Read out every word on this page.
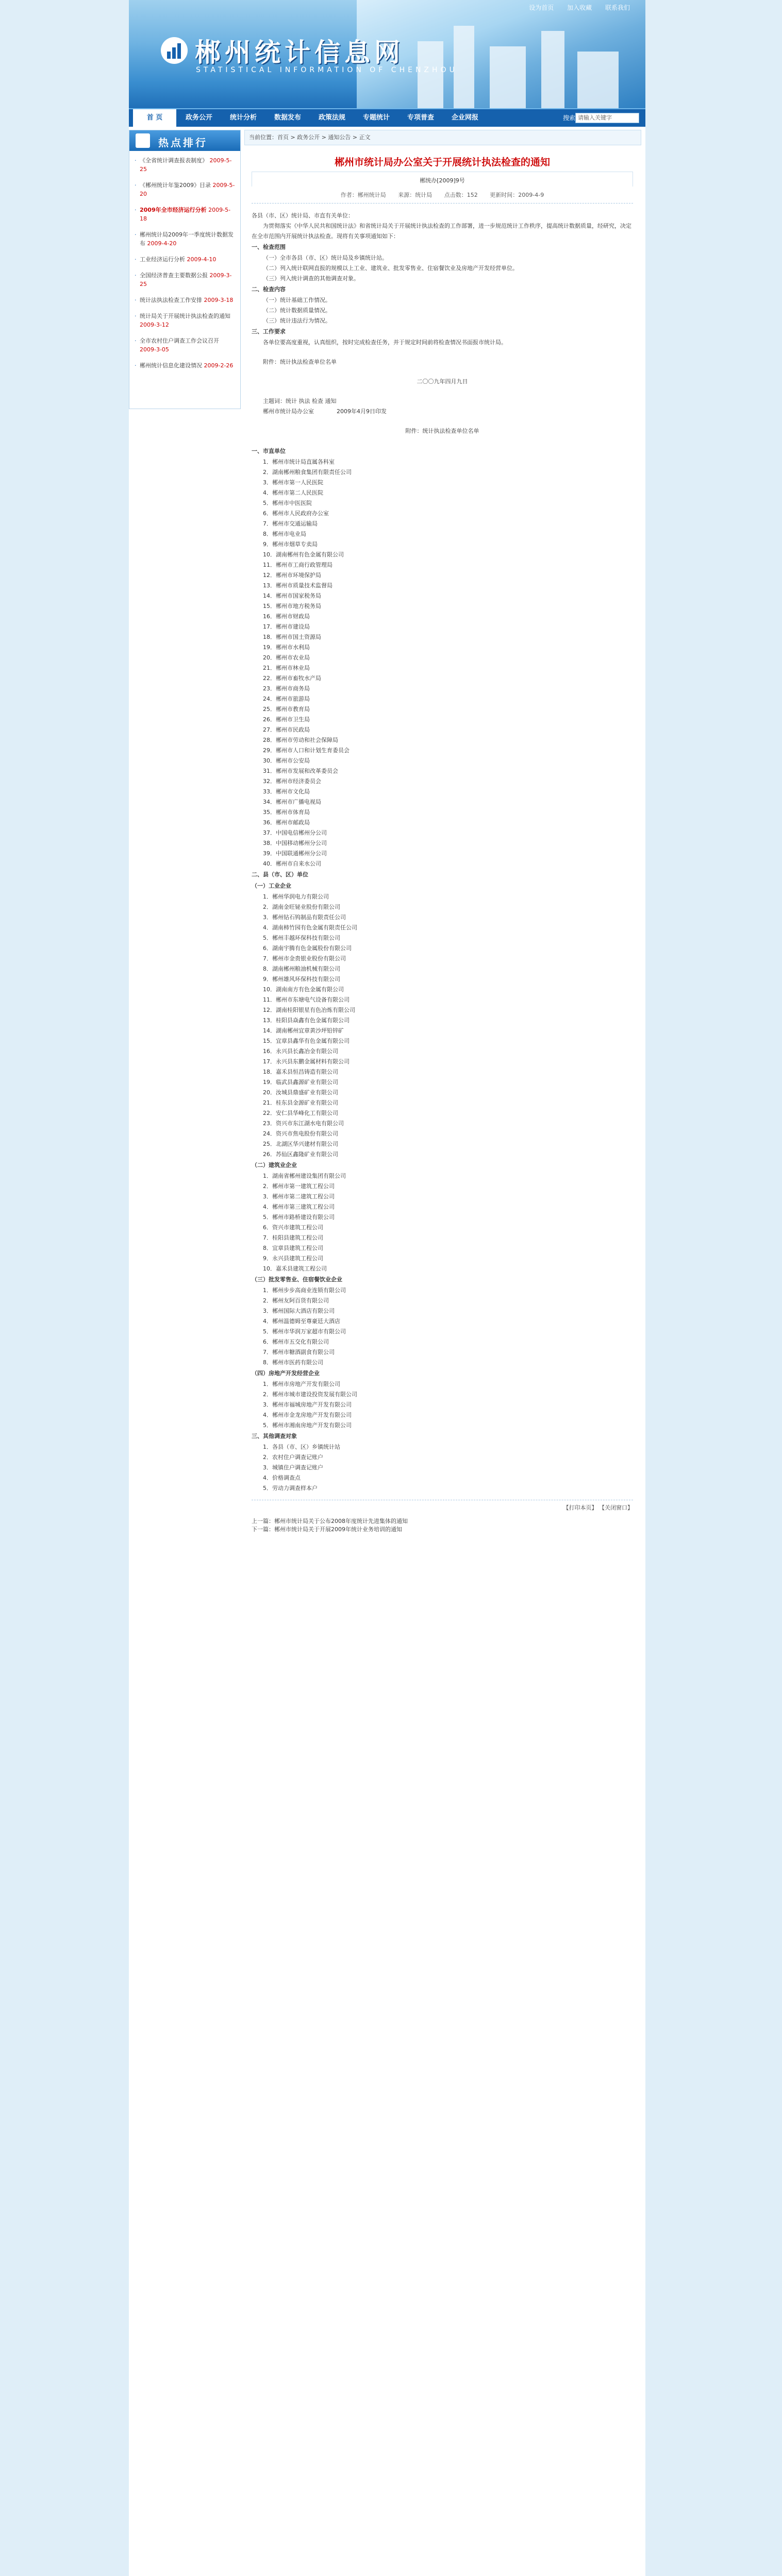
设为首页 加入收藏 联系我们
郴州统计信息网
STATISTICAL INFORMATION OF CHENZHOU
首 页	政务公开	统计分析	数据发布	政策法规	专题统计	专项普查	企业网报	搜索 请输入关键字
热点排行
· 《全省统计调查报表制度》 2009-5-25
· 《郴州统计年鉴2009》目录 2009-5-20
· 2009年全市经济运行分析 2009-5-18
· 郴州统计局2009年一季度统计数据发布 2009-4-20
· 工业经济运行分析 2009-4-10
· 全国经济普查主要数据公报 2009-3-25
· 统计法执法检查工作安排 2009-3-18
· 统计局关于开展统计执法检查的通知 2009-3-12
· 全市农村住户调查工作会议召开 2009-3-05
· 郴州统计信息化建设情况 2009-2-26
当前位置：首页 > 政务公开 > 通知公告 > 正文
郴州市统计局办公室关于开展统计执法检查的通知
郴统办[2009]9号
作者：郴州统计局 来源：统计局 点击数：152 更新时间：2009-4-9

各县（市、区）统计局、市直有关单位：

为贯彻落实《中华人民共和国统计法》和省统计局关于开展统计执法检查的工作部署，进一步规范统计工作秩序，提高统计数据质量，经研究，决定在全市范围内开展统计执法检查。现将有关事项通知如下：

一、检查范围

（一）全市各县（市、区）统计局及乡镇统计站。

（二）列入统计联网直报的规模以上工业、建筑业、批发零售业、住宿餐饮业及房地产开发经营单位。

（三）列入统计调查的其他调查对象。

二、检查内容

（一）统计基础工作情况。

（二）统计数据质量情况。

（三）统计违法行为情况。

三、工作要求

各单位要高度重视，认真组织，按时完成检查任务，并于规定时间前将检查情况书面报市统计局。

附件：统计执法检查单位名单

二〇〇九年四月九日

主题词：统计 执法 检查 通知

郴州市统计局办公室　　　　2009年4月9日印发

附件：统计执法检查单位名单

一、市直单位

1．郴州市统计局直属各科室

2．湖南郴州粮食集团有限责任公司

3．郴州市第一人民医院

4．郴州市第二人民医院

5．郴州市中医医院

6．郴州市人民政府办公室

7．郴州市交通运输局

8．郴州市电业局

9．郴州市烟草专卖局

10．湖南郴州有色金属有限公司

11．郴州市工商行政管理局

12．郴州市环境保护局

13．郴州市质量技术监督局

14．郴州市国家税务局

15．郴州市地方税务局

16．郴州市财政局

17．郴州市建设局

18．郴州市国土资源局

19．郴州市水利局

20．郴州市农业局

21．郴州市林业局

22．郴州市畜牧水产局

23．郴州市商务局

24．郴州市旅游局

25．郴州市教育局

26．郴州市卫生局

27．郴州市民政局

28．郴州市劳动和社会保障局

29．郴州市人口和计划生育委员会

30．郴州市公安局

31．郴州市发展和改革委员会

32．郴州市经济委员会

33．郴州市文化局

34．郴州市广播电视局

35．郴州市体育局

36．郴州市邮政局

37．中国电信郴州分公司

38．中国移动郴州分公司

39．中国联通郴州分公司

40．郴州市自来水公司

二、县（市、区）单位

（一）工业企业

1．郴州华润电力有限公司

2．湖南金旺铋业股份有限公司

3．郴州钻石钨制品有限责任公司

4．湖南柿竹园有色金属有限责任公司

5．郴州丰越环保科技有限公司

6．湖南宇腾有色金属股份有限公司

7．郴州市金贵银业股份有限公司

8．湖南郴州粮油机械有限公司

9．郴州雄风环保科技有限公司

10．湖南南方有色金属有限公司

11．郴州市东塘电气设备有限公司

12．湖南桂阳银星有色冶炼有限公司

13．桂阳县焱鑫有色金属有限公司

14．湖南郴州宜章黄沙坪铅锌矿

15．宜章县鑫华有色金属有限公司

16．永兴县长鑫冶金有限公司

17．永兴县东鹏金属材料有限公司

18．嘉禾县恒昌铸造有限公司

19．临武县鑫源矿业有限公司

20．汝城县鼎盛矿业有限公司

21．桂东县金源矿业有限公司

22．安仁县华峰化工有限公司

23．资兴市东江湖水电有限公司

24．资兴市焦电股份有限公司

25．北湖区华兴建材有限公司

26．苏仙区鑫隆矿业有限公司

（二）建筑业企业

1．湖南省郴州建设集团有限公司

2．郴州市第一建筑工程公司

3．郴州市第二建筑工程公司

4．郴州市第三建筑工程公司

5．郴州市路桥建设有限公司

6．资兴市建筑工程公司

7．桂阳县建筑工程公司

8．宜章县建筑工程公司

9．永兴县建筑工程公司

10．嘉禾县建筑工程公司

（三）批发零售业、住宿餐饮业企业

1．郴州步步高商业连锁有限公司

2．郴州友阿百货有限公司

3．郴州国际大酒店有限公司

4．郴州温德姆至尊豪廷大酒店

5．郴州市华润万家超市有限公司

6．郴州市五交化有限公司

7．郴州市糖酒副食有限公司

8．郴州市医药有限公司

（四）房地产开发经营企业

1．郴州市房地产开发有限公司

2．郴州市城市建设投资发展有限公司

3．郴州市福城房地产开发有限公司

4．郴州市金龙房地产开发有限公司

5．郴州市湘南房地产开发有限公司

三、其他调查对象

1．各县（市、区）乡镇统计站

2．农村住户调查记账户

3．城镇住户调查记账户

4．价格调查点

5．劳动力调查样本户

【打印本页】 【关闭窗口】
上一篇：郴州市统计局关于公布2008年度统计先进集体的通知
下一篇：郴州市统计局关于开展2009年统计业务培训的通知
